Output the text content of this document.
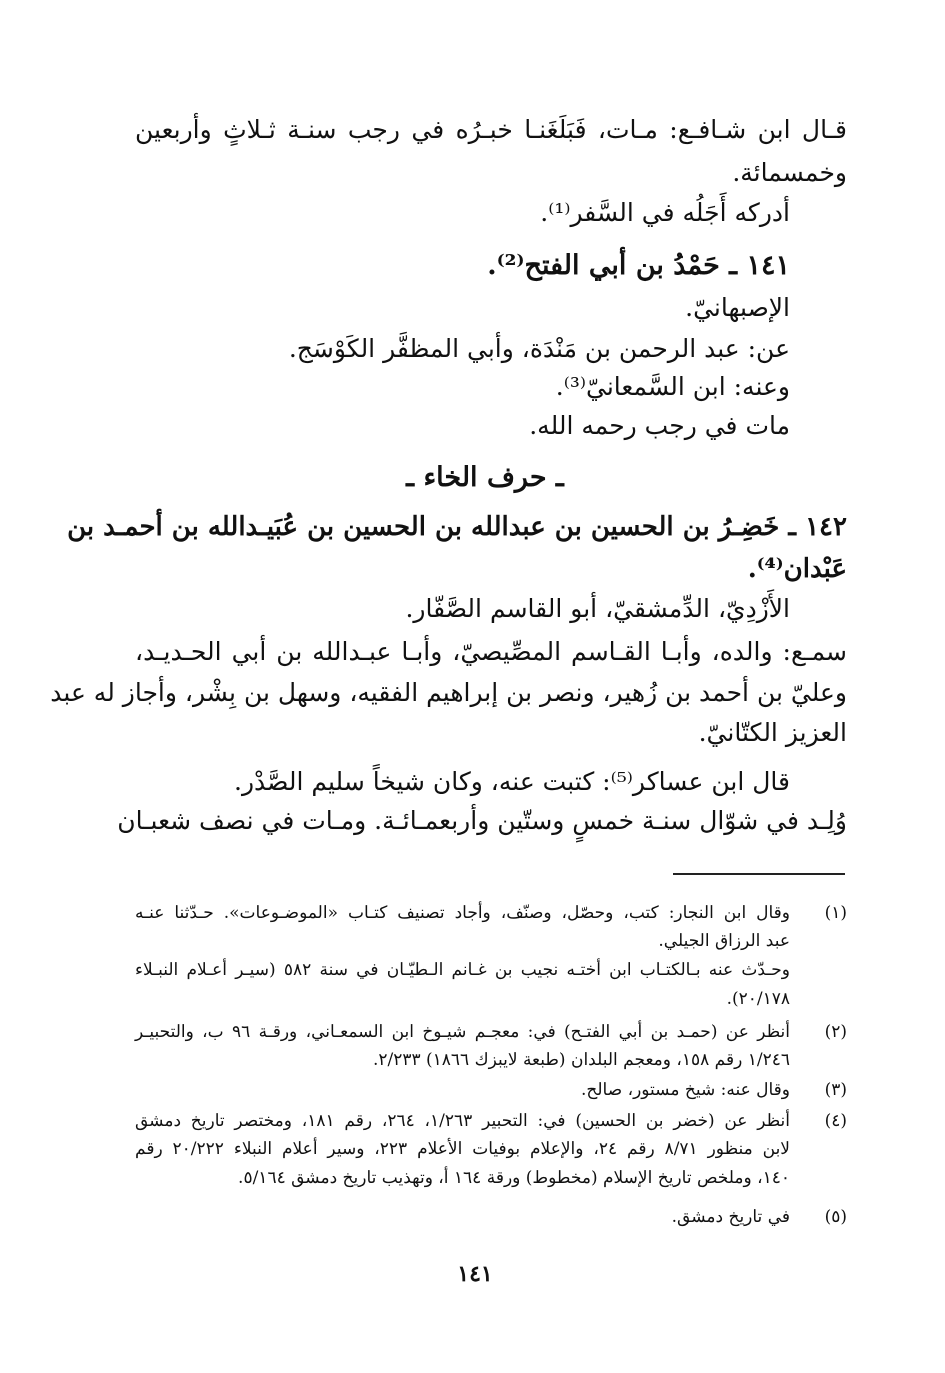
قـال ابن شـافـع: مـات، فَبَلَغَنـا خبـرُه في رجب سنـة ثـلاثٍ وأربعين
وخمسمائة.
أدركه أَجَلُه في السَّفر⁽¹⁾.
١٤١ ـ حَمْدُ بن أبي الفتح⁽²⁾.
الإصبهانيّ.
عن: عبد الرحمن بن مَنْدَة، وأبي المظفَّر الكَوْسَج.
وعنه: ابن السَّمعانيّ⁽³⁾.
مات في رجب رحمه الله.
ـ حرف الخاء ـ
١٤٢ ـ خَضِـرُ بن الحسين بن عبدالله بن الحسين بن عُبَيـدالله بن أحمـد بن
عَبْدان⁽⁴⁾.
الأَزْدِيّ، الدِّمشقيّ، أبو القاسم الصَّفّار.
سمـع: والده، وأبـا القـاسم المصِّيصيّ، وأبـا عبـدالله بن أبي الحـديـد،
وعليّ بن أحمد بن زُهير، ونصر بن إبراهيم الفقيه، وسهل بن بِشْر، وأجاز له عبد
العزيز الكتّانيّ.
قال ابن عساكر⁽⁵⁾: كتبت عنه، وكان شيخاً سليم الصَّدْر.
وُلِـد في شوّال سنـة خمسٍ وستّين وأربعمـائـة. ومـات في نصف شعبـان
(١)
وقال ابن النجار: كتب، وحصّل، وصنّف، وأجاد تصنيف كتـاب «الموضـوعات». حـدّثنا عنـه
عبد الرزاق الجيلي.
وحـدّث عنه بـالكتـاب ابن أختـه نجيب بن غـانم الـطيّـان في سنة ٥٨٢ (سيـر أعـلام النبـلاء
٢٠/١٧٨).
(٢)
أنظر عن (حمـد بن أبي الفتـح) في: معجـم شيـوخ ابن السمعـاني، ورقـة ٩٦ ب، والتحبيـر
١/٢٤٦ رقم ١٥٨، ومعجم البلدان (طبعة لايبزك ١٨٦٦) ٢/٢٣٣.
(٣)
وقال عنه: شيخ مستور، صالح.
(٤)
أنظر عن (خضر بن الحسين) في: التحبير ١/٢٦٣، ٢٦٤، رقم ١٨١، ومختصر تاريخ دمشق
لابن منظور ٨/٧١ رقم ٢٤، والإعلام بوفيات الأعلام ٢٢٣، وسير أعلام النبلاء ٢٠/٢٢٢ رقم
١٤٠، وملخص تاريخ الإسلام (مخطوط) ورقة ١٦٤ أ، وتهذيب تاريخ دمشق ٥/١٦٤.
(٥)
في تاريخ دمشق.
١٤١
